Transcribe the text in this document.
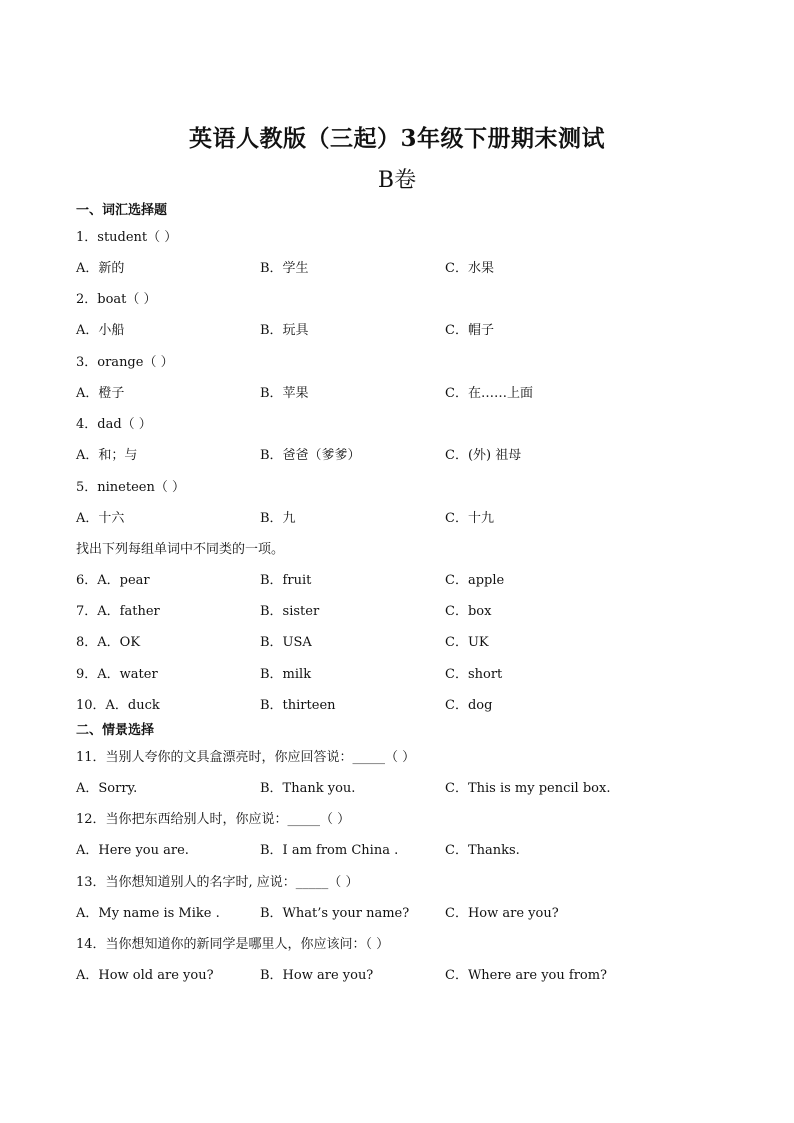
英语人教版（三起）3年级下册期末测试
B卷
一、词汇选择题
1．student（ ）
A．新的	B．学生	C．水果
2．boat（ ）
A．小船	B．玩具	C．帽子
3．orange（ ）
A．橙子	B．苹果	C．在……上面
4．dad（ ）
A．和；与	B．爸爸（爹爹）	C．(外) 祖母
5．nineteen（ ）
A．十六	B．九	C．十九
找出下列每组单词中不同类的一项。
6．A．pear	B．fruit	C．apple
7．A．father	B．sister	C．box
8．A．OK	B．USA	C．UK
9．A．water	B．milk	C．short
10．A．duck	B．thirteen	C．dog
二、情景选择
11．当别人夸你的文具盒漂亮时，你应回答说：_____（ ）
A．Sorry.	B．Thank you.	C．This is my pencil box.
12．当你把东西给别人时，你应说：_____（ ）
A．Here you are.	B．I am from China .	C．Thanks.
13．当你想知道别人的名字时, 应说：_____（ ）
A．My name is Mike .	B．What’s your name?	C．How are you?
14．当你想知道你的新同学是哪里人，你应该问：（ ）
A．How old are you?	B．How are you?	C．Where are you from?
